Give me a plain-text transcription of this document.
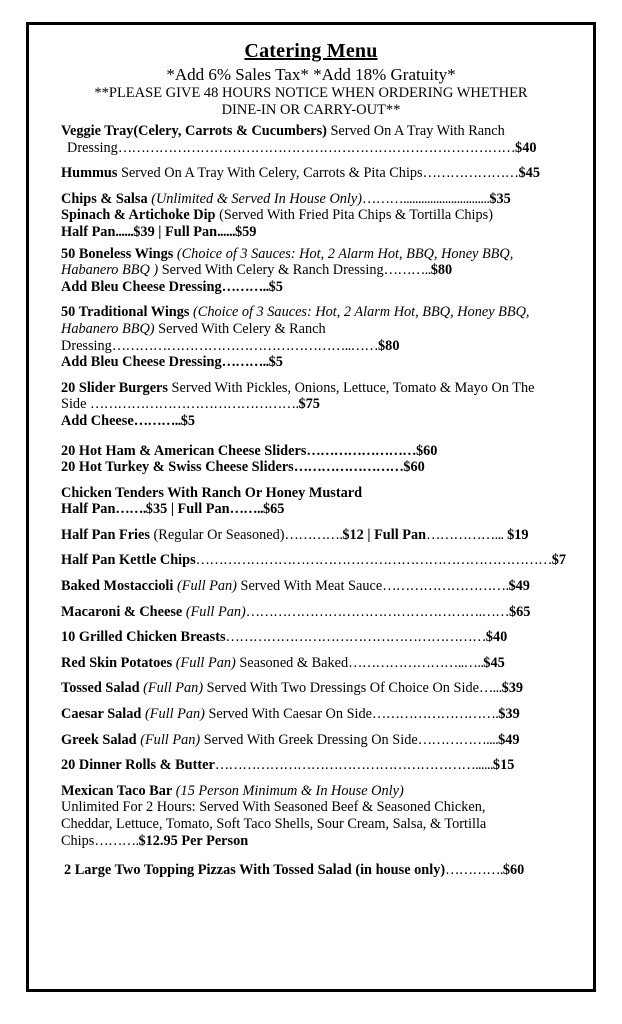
Catering Menu
*Add 6% Sales Tax* *Add 18% Gratuity*
**PLEASE GIVE 48 HOURS NOTICE WHEN ORDERING WHETHER
DINE-IN OR CARRY-OUT**
Veggie Tray(Celery, Carrots & Cucumbers) Served On A Tray With Ranch
Dressing……………………………………………………………………………$40
Hummus Served On A Tray With Celery, Carrots & Pita Chips…………………$45
Chips & Salsa (Unlimited & Served In House Only)……….............................$35
Spinach & Artichoke Dip (Served With Fried Pita Chips & Tortilla Chips)
Half Pan......$39 | Full Pan......$59
50 Boneless Wings (Choice of 3 Sauces: Hot, 2 Alarm Hot, BBQ, Honey BBQ,
Habanero BBQ ) Served With Celery & Ranch Dressing………..$80
Add Bleu Cheese Dressing………..$5
50 Traditional Wings (Choice of 3 Sauces: Hot, 2 Alarm Hot, BBQ, Honey BBQ,
Habanero BBQ) Served With Celery & Ranch
Dressing……………………………………………..……$80
Add Bleu Cheese Dressing………..$5
20 Slider Burgers Served With Pickles, Onions, Lettuce, Tomato & Mayo On The
Side ……………………………………….$75
Add Cheese………..$5
20 Hot Ham & American Cheese Sliders……………………$60
20 Hot Turkey & Swiss Cheese Sliders……………………$60
Chicken Tenders With Ranch Or Honey Mustard
Half Pan…….$35 | Full Pan……..$65
Half Pan Fries (Regular Or Seasoned)………….$12 | Full Pan……………... $19
Half Pan Kettle Chips……………………………………………………………………$7
Baked Mostaccioli (Full Pan) Served With Meat Sauce……………………….$49
Macaroni & Cheese (Full Pan)…………………………………………….……$65
10 Grilled Chicken Breasts…………………………………………………$40
Red Skin Potatoes (Full Pan) Seasoned & Baked……………………..…..$45
Tossed Salad (Full Pan) Served With Two Dressings Of Choice On Side…...$39
Caesar Salad (Full Pan) Served With Caesar On Side……………………….$39
Greek Salad (Full Pan) Served With Greek Dressing On Side……………....$49
20 Dinner Rolls & Butter…………………………………………………......$15
Mexican Taco Bar (15 Person Minimum & In House Only)
Unlimited For 2 Hours: Served With Seasoned Beef & Seasoned Chicken,
Cheddar, Lettuce, Tomato, Soft Taco Shells, Sour Cream, Salsa, & Tortilla
Chips……….$12.95 Per Person
2 Large Two Topping Pizzas With Tossed Salad (in house only)………….$60
